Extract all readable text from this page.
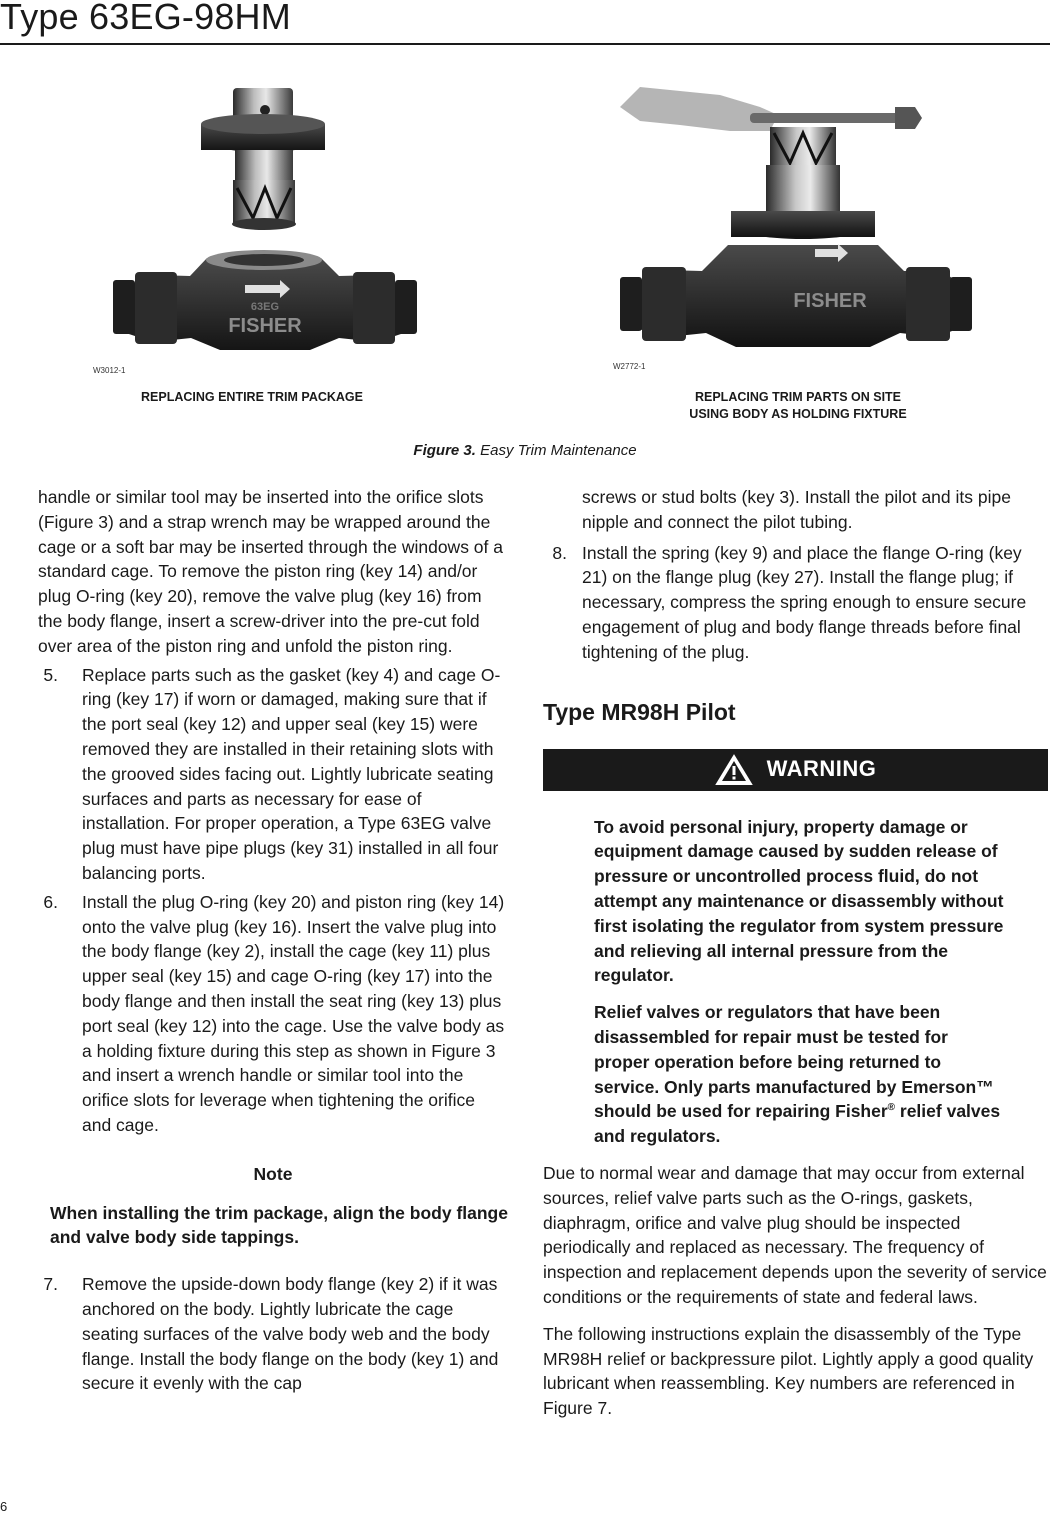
Type 63EG-98HM
63EG
FISHER
W3012-1
FISHER
W2772-1
REPLACING ENTIRE TRIM PACKAGE	REPLACING TRIM PARTS ON SITE
USING BODY AS HOLDING FIXTURE
Figure 3. Easy Trim Maintenance

handle or similar tool may be inserted into the orifice slots (Figure 3) and a strap wrench may be wrapped around the cage or a soft bar may be inserted through the windows of a standard cage. To remove the piston ring (key 14) and/or plug O-ring (key 20), remove the valve plug (key 16) from the body flange, insert a screw-driver into the pre-cut fold over area of the piston ring and unfold the piston ring.

5. Replace parts such as the gasket (key 4) and cage O-ring (key 17) if worn or damaged, making sure that if the port seal (key 12) and upper seal (key 15) were removed they are installed in their retaining slots with the grooved sides facing out. Lightly lubricate seating surfaces and parts as necessary for ease of installation. For proper operation, a Type 63EG valve plug must have pipe plugs (key 31) installed in all four balancing ports.
6. Install the plug O-ring (key 20) and piston ring (key 14) onto the valve plug (key 16). Insert the valve plug into the body flange (key 2), install the cage (key 11) plus upper seal (key 15) and cage O-ring (key 17) into the body flange and then install the seat ring (key 13) plus port seal (key 12) into the cage. Use the valve body as a holding fixture during this step as shown in Figure 3 and insert a wrench handle or similar tool into the orifice slots for leverage when tightening the orifice and cage.
Note
When installing the trim package, align the body flange and valve body side tappings.
7. Remove the upside-down body flange (key 2) if it was anchored on the body. Lightly lubricate the cage seating surfaces of the valve body web and the body flange. Install the body flange on the body (key 1) and secure it evenly with the cap

screws or stud bolts (key 3). Install the pilot and its pipe nipple and connect the pilot tubing.

8. Install the spring (key 9) and place the flange O-ring (key 21) on the flange plug (key 27). Install the flange plug; if necessary, compress the spring enough to ensure secure engagement of plug and body flange threads before final tightening of the plug.
Type MR98H Pilot
WARNING

To avoid personal injury, property damage or equipment damage caused by sudden release of pressure or uncontrolled process fluid, do not attempt any maintenance or disassembly without first isolating the regulator from system pressure and relieving all internal pressure from the regulator.

Relief valves or regulators that have been disassembled for repair must be tested for proper operation before being returned to service. Only parts manufactured by Emerson™ should be used for repairing Fisher® relief valves and regulators.

Due to normal wear and damage that may occur from external sources, relief valve parts such as the O-rings, gaskets, diaphragm, orifice and valve plug should be inspected periodically and replaced as necessary. The frequency of inspection and replacement depends upon the severity of service conditions or the requirements of state and federal laws.

The following instructions explain the disassembly of the Type MR98H relief or backpressure pilot. Lightly apply a good quality lubricant when reassembling. Key numbers are referenced in Figure 7.

6
